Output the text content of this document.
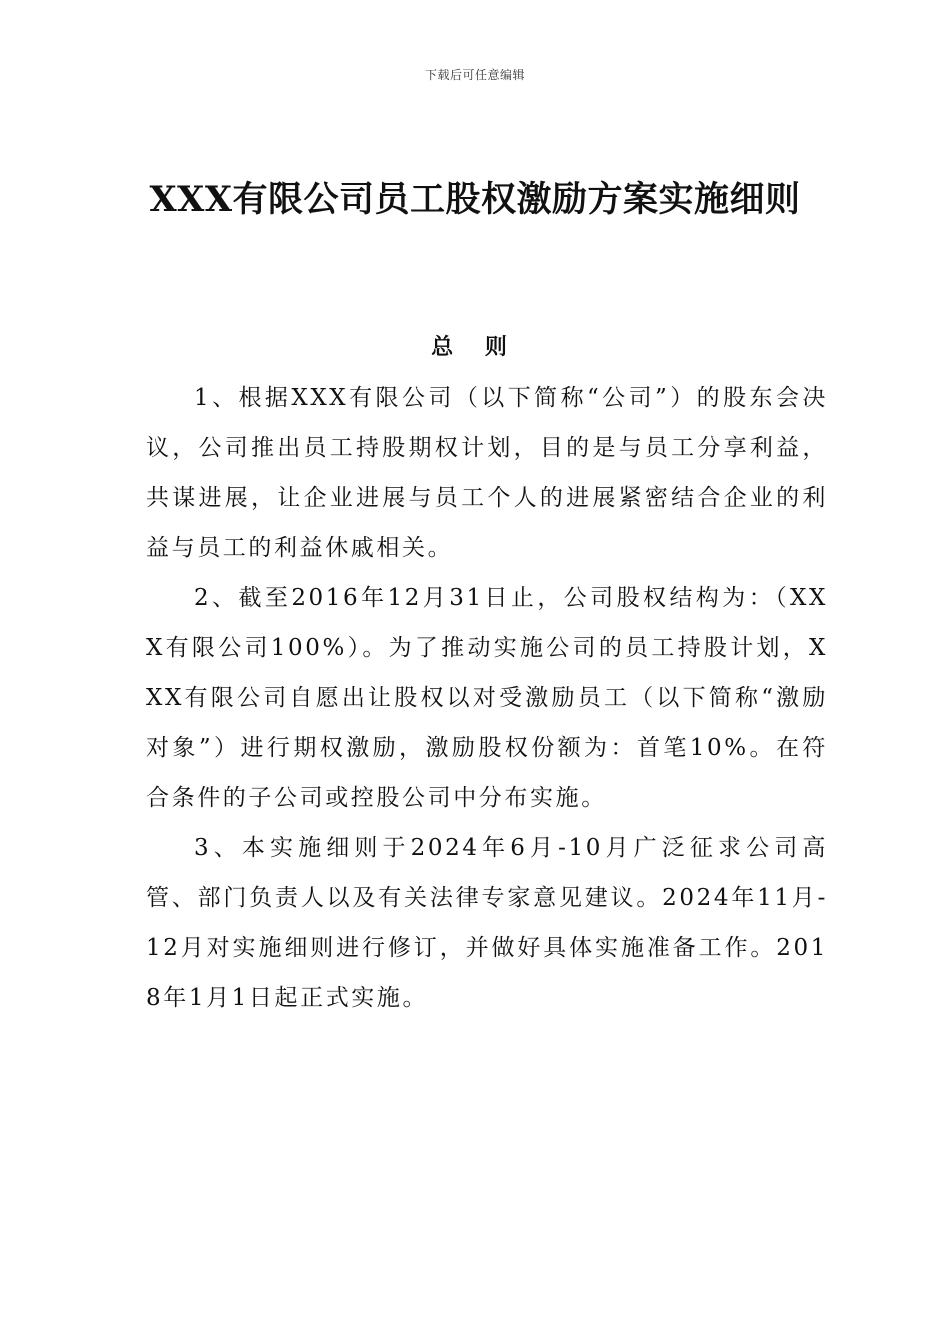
下载后可任意编辑
XXX有限公司员工股权激励方案实施细则
总 则

1、根据XXX有限公司（以下简称“公司”）的股东会决议，公司推出员工持股期权计划，目的是与员工分享利益，共谋进展，让企业进展与员工个人的进展紧密结合企业的利益与员工的利益休戚相关。

2、截至2016年12月31日止，公司股权结构为：（XXX有限公司100%）。为了推动实施公司的员工持股计划，XXX有限公司自愿出让股权以对受激励员工（以下简称“激励对象”）进行期权激励，激励股权份额为：首笔10%。在符合条件的子公司或控股公司中分布实施。

3、本实施细则于2024年6月-10月广泛征求公司高管、部门负责人以及有关法律专家意见建议。2024年11月-12月对实施细则进行修订，并做好具体实施准备工作。2018年1月1日起正式实施。
